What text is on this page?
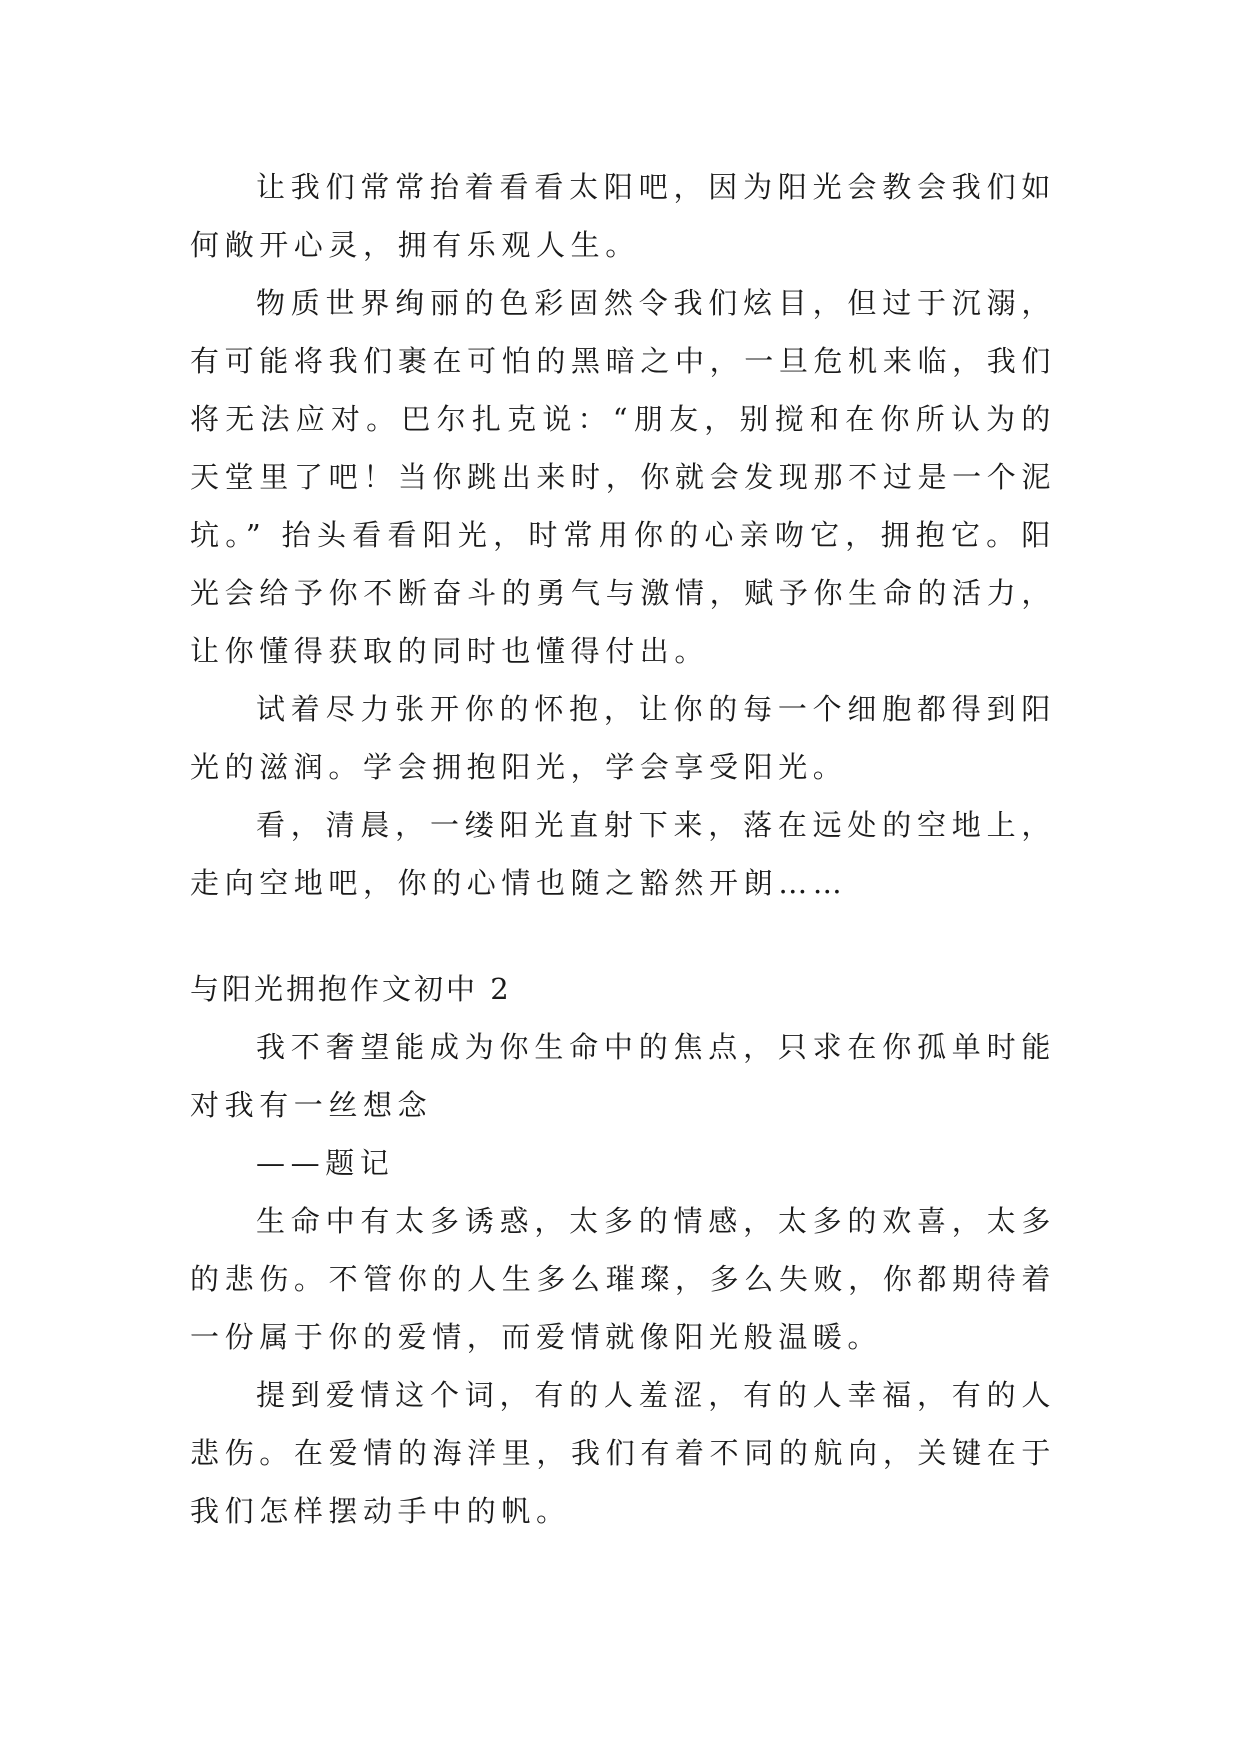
让我们常常抬着看看太阳吧，因为阳光会教会我们如何敞开心灵，拥有乐观人生。

物质世界绚丽的色彩固然令我们炫目，但过于沉溺，有可能将我们裹在可怕的黑暗之中，一旦危机来临，我们将无法应对。巴尔扎克说：“朋友，别搅和在你所认为的天堂里了吧！当你跳出来时，你就会发现那不过是一个泥坑。” 抬头看看阳光，时常用你的心亲吻它，拥抱它。阳光会给予你不断奋斗的勇气与激情，赋予你生命的活力，让你懂得获取的同时也懂得付出。

试着尽力张开你的怀抱，让你的每一个细胞都得到阳光的滋润。学会拥抱阳光，学会享受阳光。

看，清晨，一缕阳光直射下来，落在远处的空地上，走向空地吧，你的心情也随之豁然开朗……

与阳光拥抱作文初中 2

我不奢望能成为你生命中的焦点，只求在你孤单时能对我有一丝想念

——题记

生命中有太多诱惑，太多的情感，太多的欢喜，太多的悲伤。不管你的人生多么璀璨，多么失败，你都期待着一份属于你的爱情，而爱情就像阳光般温暖。

提到爱情这个词，有的人羞涩，有的人幸福，有的人悲伤。在爱情的海洋里，我们有着不同的航向，关键在于我们怎样摆动手中的帆。
